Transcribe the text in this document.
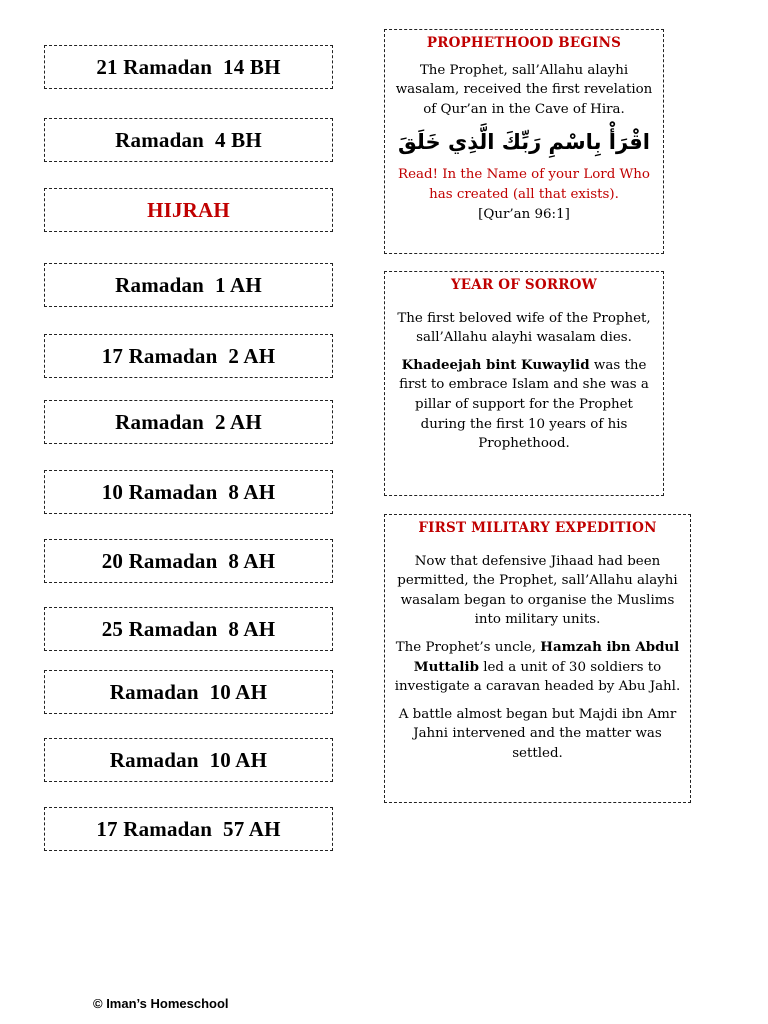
21 Ramadan  14 BH
Ramadan  4 BH
HIJRAH
Ramadan  1 AH
17 Ramadan  2 AH
Ramadan  2 AH
10 Ramadan  8 AH
20 Ramadan  8 AH
25 Ramadan  8 AH
Ramadan  10 AH
Ramadan  10 AH
17 Ramadan  57 AH
PROPHETHOOD BEGINS

The Prophet, sall’Allahu alayhi wasalam, received the first revelation of Qur’an in the Cave of Hira.

اقْرَأْ بِاسْمِ رَبِّكَ الَّذِي خَلَقَ
Read! In the Name of your Lord Who has created (all that exists).
[Qur’an 96:1]
YEAR OF SORROW

The first beloved wife of the Prophet, sall’Allahu alayhi wasalam dies.

Khadeejah bint Kuwaylid was the first to embrace Islam and she was a pillar of support for the Prophet during the first 10 years of his Prophethood.

FIRST MILITARY EXPEDITION

Now that defensive Jihaad had been permitted, the Prophet, sall’Allahu alayhi wasalam began to organise the Muslims into military units.

The Prophet’s uncle, Hamzah ibn Abdul Muttalib led a unit of 30 soldiers to investigate a caravan headed by Abu Jahl.

A battle almost began but Majdi ibn Amr Jahni intervened and the matter was settled.

© Iman’s Homeschool
